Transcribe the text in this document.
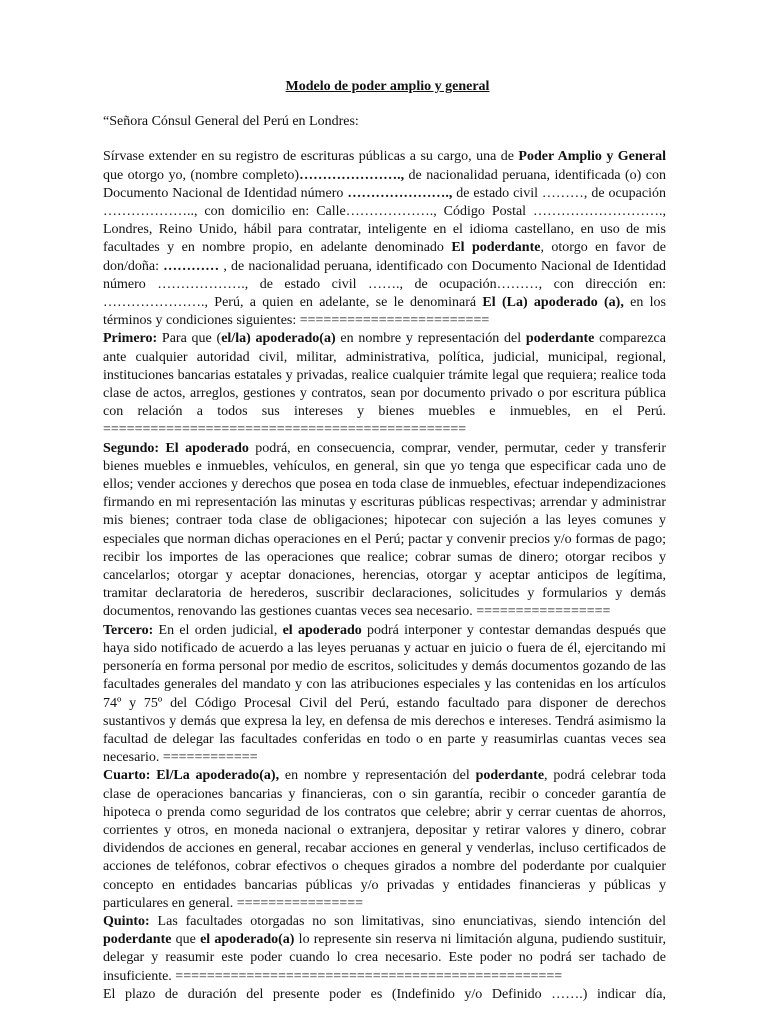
Modelo de poder amplio y general
“Señora Cónsul General del Perú en Londres:

Sírvase extender en su registro de escrituras públicas a su cargo, una de Poder Amplio y General que otorgo yo, (nombre completo)…………………., de nacionalidad peruana, identificada (o) con Documento Nacional de Identidad número …………………., de estado civil ………, de ocupación ……………….., con domicilio en: Calle………………., Código Postal ………………………., Londres, Reino Unido, hábil para contratar, inteligente en el idioma castellano, en uso de mis facultades y en nombre propio, en adelante denominado El poderdante, otorgo en favor de don/doña: ………… , de nacionalidad peruana, identificado con Documento Nacional de Identidad número ………………., de estado civil ……., de ocupación………, con dirección en: …………………., Perú, a quien en adelante, se le denominará El (La) apoderado (a), en los términos y condiciones siguientes: ========================

Primero: Para que (el/la) apoderado(a) en nombre y representación del poderdante comparezca ante cualquier autoridad civil, militar, administrativa, política, judicial, municipal, regional, instituciones bancarias estatales y privadas, realice cualquier trámite legal que requiera; realice toda clase de actos, arreglos, gestiones y contratos, sean por documento privado o por escritura pública con relación a todos sus intereses y bienes muebles e inmuebles, en el Perú. ==============================================

Segundo: El apoderado podrá, en consecuencia, comprar, vender, permutar, ceder y transferir bienes muebles e inmuebles, vehículos, en general, sin que yo tenga que especificar cada uno de ellos; vender acciones y derechos que posea en toda clase de inmuebles, efectuar independizaciones firmando en mi representación las minutas y escrituras públicas respectivas; arrendar y administrar mis bienes; contraer toda clase de obligaciones; hipotecar con sujeción a las leyes comunes y especiales que norman dichas operaciones en el Perú; pactar y convenir precios y/o formas de pago; recibir los importes de las operaciones que realice; cobrar sumas de dinero; otorgar recibos y cancelarlos; otorgar y aceptar donaciones, herencias, otorgar y aceptar anticipos de legítima, tramitar declaratoria de herederos, suscribir declaraciones, solicitudes y formularios y demás documentos, renovando las gestiones cuantas veces sea necesario. =================

Tercero: En el orden judicial, el apoderado podrá interponer y contestar demandas después que haya sido notificado de acuerdo a las leyes peruanas y actuar en juicio o fuera de él, ejercitando mi personería en forma personal por medio de escritos, solicitudes y demás documentos gozando de las facultades generales del mandato y con las atribuciones especiales y las contenidas en los artículos 74º y 75º del Código Procesal Civil del Perú, estando facultado para disponer de derechos sustantivos y demás que expresa la ley, en defensa de mis derechos e intereses. Tendrá asimismo la facultad de delegar las facultades conferidas en todo o en parte y reasumirlas cuantas veces sea necesario. ============

Cuarto: El/La apoderado(a), en nombre y representación del poderdante, podrá celebrar toda clase de operaciones bancarias y financieras, con o sin garantía, recibir o conceder garantía de hipoteca o prenda como seguridad de los contratos que celebre; abrir y cerrar cuentas de ahorros, corrientes y otros, en moneda nacional o extranjera, depositar y retirar valores y dinero, cobrar dividendos de acciones en general, recabar acciones en general y venderlas, incluso certificados de acciones de teléfonos, cobrar efectivos o cheques girados a nombre del poderdante por cualquier concepto en entidades bancarias públicas y/o privadas y entidades financieras y públicas y particulares en general. ================

Quinto: Las facultades otorgadas no son limitativas, sino enunciativas, siendo intención del poderdante que el apoderado(a) lo represente sin reserva ni limitación alguna, pudiendo sustituir, delegar y reasumir este poder cuando lo crea necesario. Este poder no podrá ser tachado de insuficiente. =================================================

El plazo de duración del presente poder es (Indefinido y/o Definido …….) indicar día,
